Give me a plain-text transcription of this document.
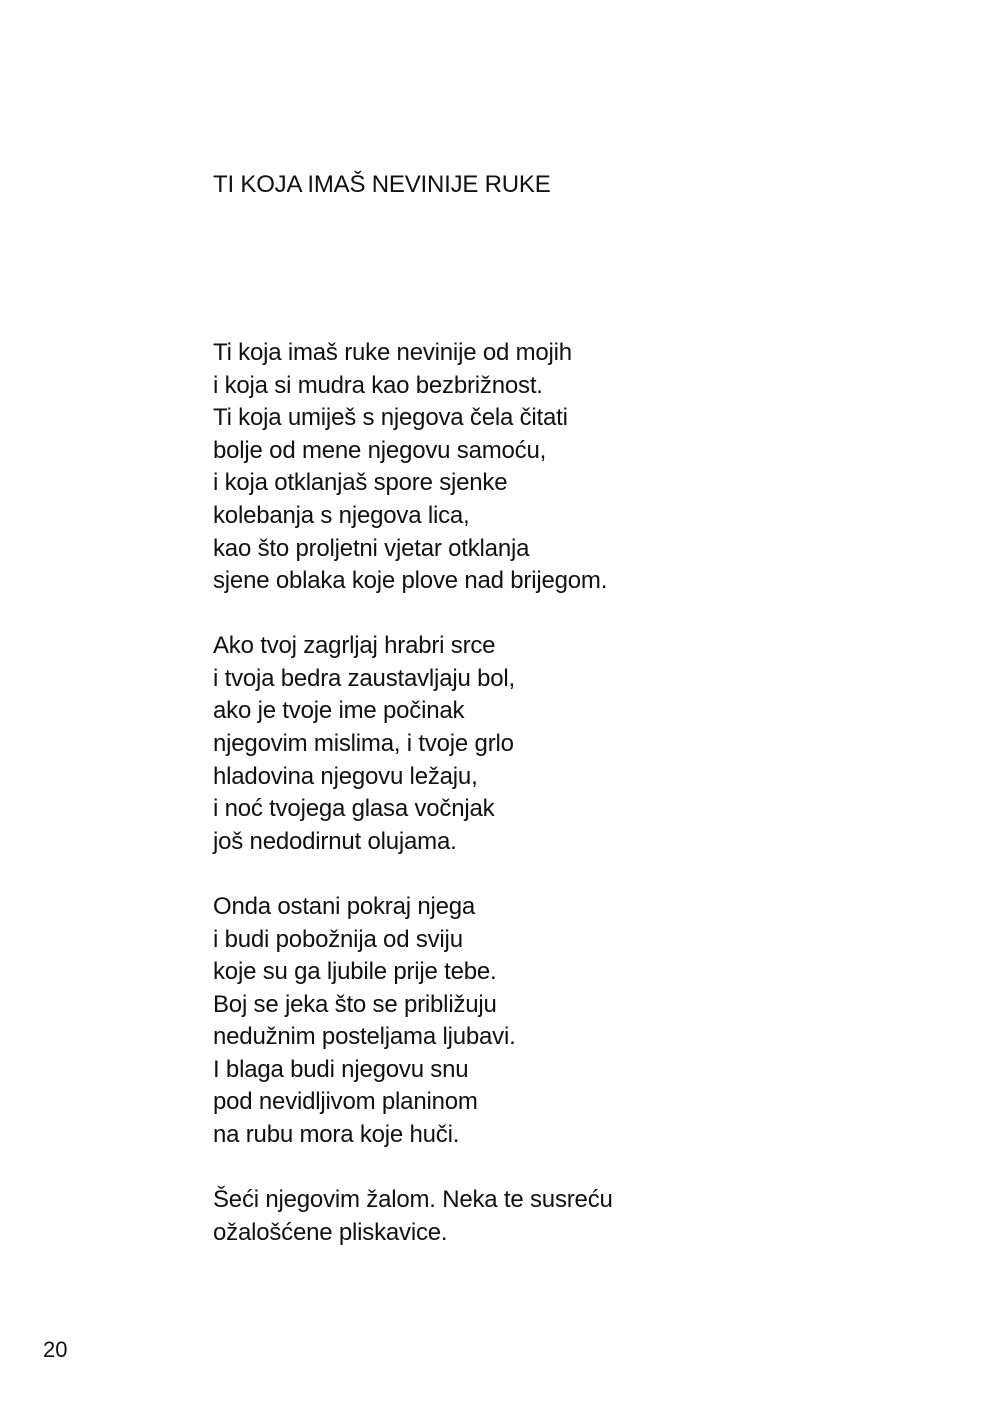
TI KOJA IMAŠ NEVINIJE RUKE
Ti koja imaš ruke nevinije od mojih
i koja si mudra kao bezbrižnost.
Ti koja umiješ s njegova čela čitati
bolje od mene njegovu samoću,
i koja otklanjaš spore sjenke
kolebanja s njegova lica,
kao što proljetni vjetar otklanja
sjene oblaka koje plove nad brijegom.
Ako tvoj zagrljaj hrabri srce
i tvoja bedra zaustavljaju bol,
ako je tvoje ime počinak
njegovim mislima, i tvoje grlo
hladovina njegovu ležaju,
i noć tvojega glasa vočnjak
još nedodirnut olujama.
Onda ostani pokraj njega
i budi pobožnija od sviju
koje su ga ljubile prije tebe.
Boj se jeka što se približuju
nedužnim posteljama ljubavi.
I blaga budi njegovu snu
pod nevidljivom planinom
na rubu mora koje huči.
Šeći njegovim žalom. Neka te susreću
ožalošćene pliskavice.
20
